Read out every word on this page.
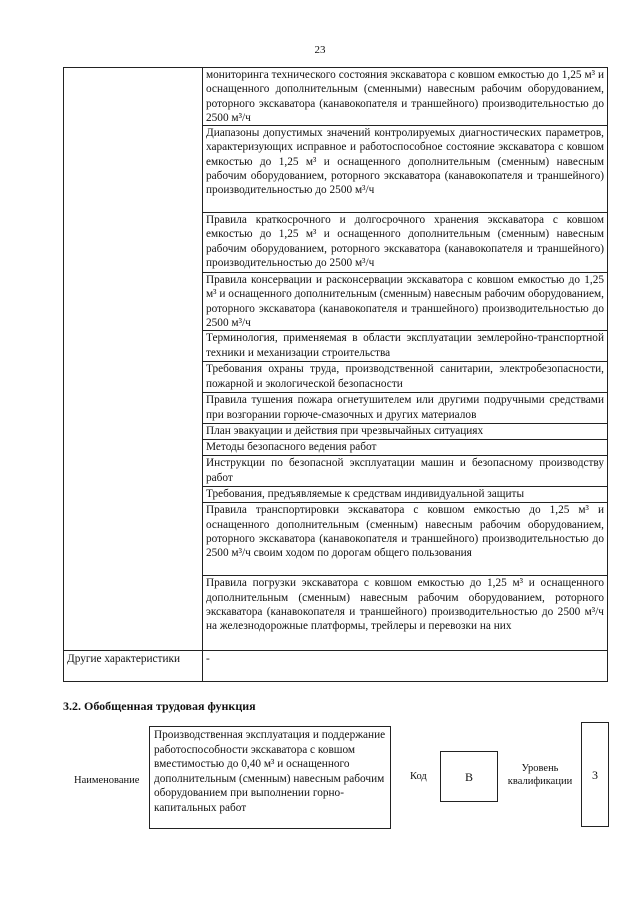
23
	мониторинга технического состояния экскаватора с ковшом емкостью до 1,25 м³ и оснащенного дополнительным (сменными) навесным рабочим оборудованием, роторного экскаватора (канавокопателя и траншейного) производительностью до 2500 м³/ч
	Диапазоны допустимых значений контролируемых диагностических параметров, характеризующих исправное и работоспособное состояние экскаватора с ковшом емкостью до 1,25 м³ и оснащенного дополнительным (сменным) навесным рабочим оборудованием, роторного экскаватора (канавокопателя и траншейного) производительностью до 2500 м³/ч
	Правила краткосрочного и долгосрочного хранения экскаватора с ковшом емкостью до 1,25 м³ и оснащенного дополнительным (сменным) навесным рабочим оборудованием, роторного экскаватора (канавокопателя и траншейного) производительностью до 2500 м³/ч
	Правила консервации и расконсервации экскаватора с ковшом емкостью до 1,25 м³ и оснащенного дополнительным (сменным) навесным рабочим оборудованием, роторного экскаватора (канавокопателя и траншейного) производительностью до 2500 м³/ч
	Терминология, применяемая в области эксплуатации землеройно-транспортной техники и механизации строительства
	Требования охраны труда, производственной санитарии, электробезопасности, пожарной и экологической безопасности
	Правила тушения пожара огнетушителем или другими подручными средствами при возгорании горюче-смазочных и других материалов
	План эвакуации и действия при чрезвычайных ситуациях
	Методы безопасного ведения работ
	Инструкции по безопасной эксплуатации машин и безопасному производству работ
	Требования, предъявляемые к средствам индивидуальной защиты
	Правила транспортировки экскаватора с ковшом емкостью до 1,25 м³ и оснащенного дополнительным (сменным) навесным рабочим оборудованием, роторного экскаватора (канавокопателя и траншейного) производительностью до 2500 м³/ч своим ходом по дорогам общего пользования
	Правила погрузки экскаватора с ковшом емкостью до 1,25 м³ и оснащенного дополнительным (сменным) навесным рабочим оборудованием, роторного экскаватора (канавокопателя и траншейного) производительностью до 2500 м³/ч на железнодорожные платформы, трейлеры и перевозки на них
Другие характеристики	-
3.2. Обобщенная трудовая функция
Наименование
Производственная эксплуатация и поддержание работоспособности экскаватора с ковшом вместимостью до 0,40 м³ и оснащенного дополнительным (сменным) навесным рабочим оборудованием при выполнении горно-капитальных работ
Код	B
Уровень квалификации	3
